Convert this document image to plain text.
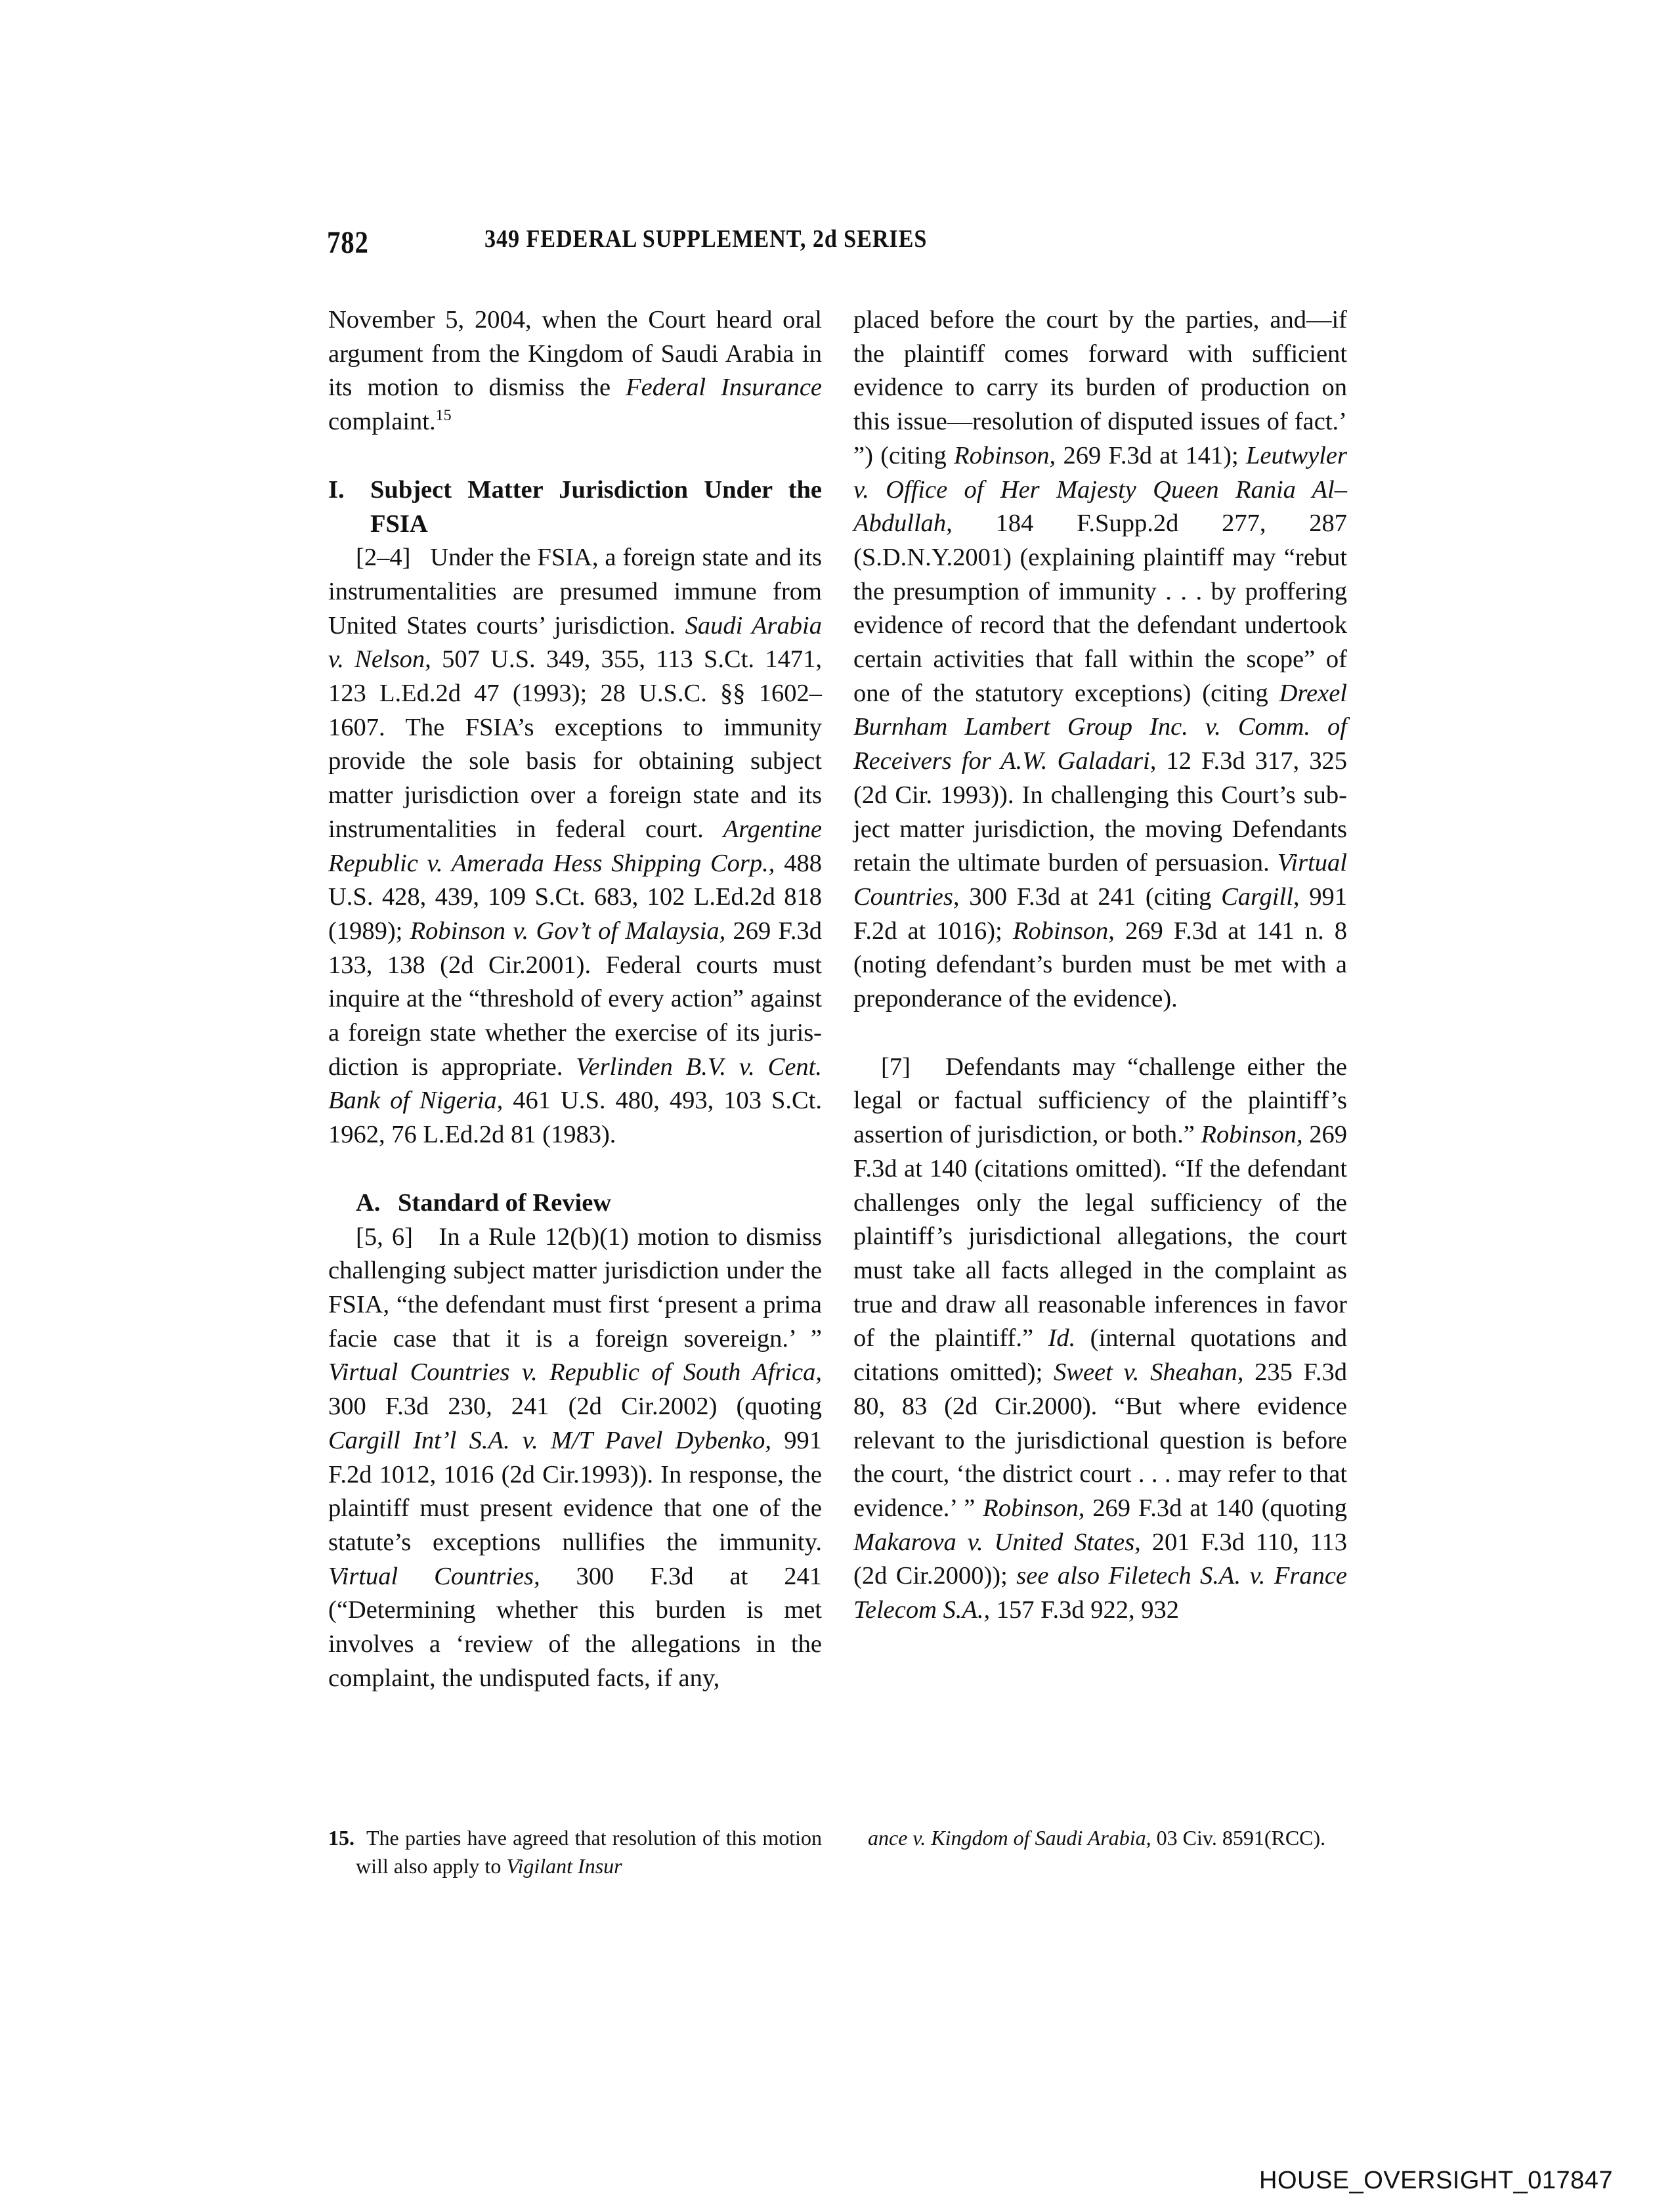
782	349 FEDERAL SUPPLEMENT, 2d SERIES

November 5, 2004, when the Court heard oral argument from the Kingdom of Saudi Arabia in its motion to dismiss the Federal Insurance complaint.$^{15}$

I.	Subject Matter Jurisdiction Under the FSIA

[2–4] Under the FSIA, a foreign state and its instrumentalities are presumed immune from United States courts’ jurisdiction. Saudi Arabia v. Nelson, 507 U.S. 349, 355, 113 S.Ct. 1471, 123 L.Ed.2d 47 (1993); 28 U.S.C. §§ 1602–1607. The FSIA’s exceptions to immunity provide the sole basis for obtaining subject matter jurisdiction over a foreign state and its instrumentalities in federal court. Argentine Republic v. Amerada Hess Shipping Corp., 488 U.S. 428, 439, 109 S.Ct. 683, 102 L.Ed.2d 818 (1989); Robinson v. Gov’t of Malaysia, 269 F.3d 133, 138 (2d Cir.2001). Federal courts must inquire at the “threshold of every action” against a foreign state whether the exercise of its jurisdiction is appropriate. Verlinden B.V. v. Cent. Bank of Nigeria, 461 U.S. 480, 493, 103 S.Ct. 1962, 76 L.Ed.2d 81 (1983).

A. Standard of Review

[5, 6] In a Rule 12(b)(1) motion to dismiss challenging subject matter jurisdiction under the FSIA, “the defendant must first ‘present a prima facie case that it is a foreign sovereign.’ ” Virtual Countries v. Republic of South Africa, 300 F.3d 230, 241 (2d Cir.2002) (quoting Cargill Int’l S.A. v. M/T Pavel Dybenko, 991 F.2d 1012, 1016 (2d Cir.1993)). In response, the plaintiff must present evidence that one of the statute’s exceptions nullifies the immunity. Virtual Countries, 300 F.3d at 241 (“Determining whether this burden is met involves a ‘review of the allegations in the complaint, the undisputed facts, if any,

placed before the court by the parties, and—if the plaintiff comes forward with sufficient evidence to carry its burden of production on this issue—resolution of disputed issues of fact.’ ”) (citing Robinson, 269 F.3d at 141); Leutwyler v. Office of Her Majesty Queen Rania Al–Abdullah, 184 F.Supp.2d 277, 287 (S.D.N.Y.2001) (explaining plaintiff may “rebut the presumption of immunity . . . by proffering evidence of record that the defendant undertook certain activities that fall within the scope” of one of the statutory exceptions) (citing Drexel Burnham Lambert Group Inc. v. Comm. of Receivers for A.W. Galadari, 12 F.3d 317, 325 (2d Cir. 1993)). In challenging this Court’s subject matter jurisdiction, the moving Defendants retain the ultimate burden of persuasion. Virtual Countries, 300 F.3d at 241 (citing Cargill, 991 F.2d at 1016); Robinson, 269 F.3d at 141 n. 8 (noting defendant’s burden must be met with a preponderance of the evidence).

[7] Defendants may “challenge either the legal or factual sufficiency of the plaintiff’s assertion of jurisdiction, or both.” Robinson, 269 F.3d at 140 (citations omitted). “If the defendant challenges only the legal sufficiency of the plaintiff’s jurisdictional allegations, the court must take all facts alleged in the complaint as true and draw all reasonable inferences in favor of the plaintiff.” Id. (internal quotations and citations omitted); Sweet v. Sheahan, 235 F.3d 80, 83 (2d Cir.2000). “But where evidence relevant to the jurisdictional question is before the court, ‘the district court . . . may refer to that evidence.’ ” Robinson, 269 F.3d at 140 (quoting Makarova v. United States, 201 F.3d 110, 113 (2d Cir.2000)); see also Filetech S.A. v. France Telecom S.A., 157 F.3d 922, 932

15. The parties have agreed that resolution of this motion will also apply to Vigilant Insur

ance v. Kingdom of Saudi Arabia, 03 Civ. 8591(RCC).

HOUSE_OVERSIGHT_017847
